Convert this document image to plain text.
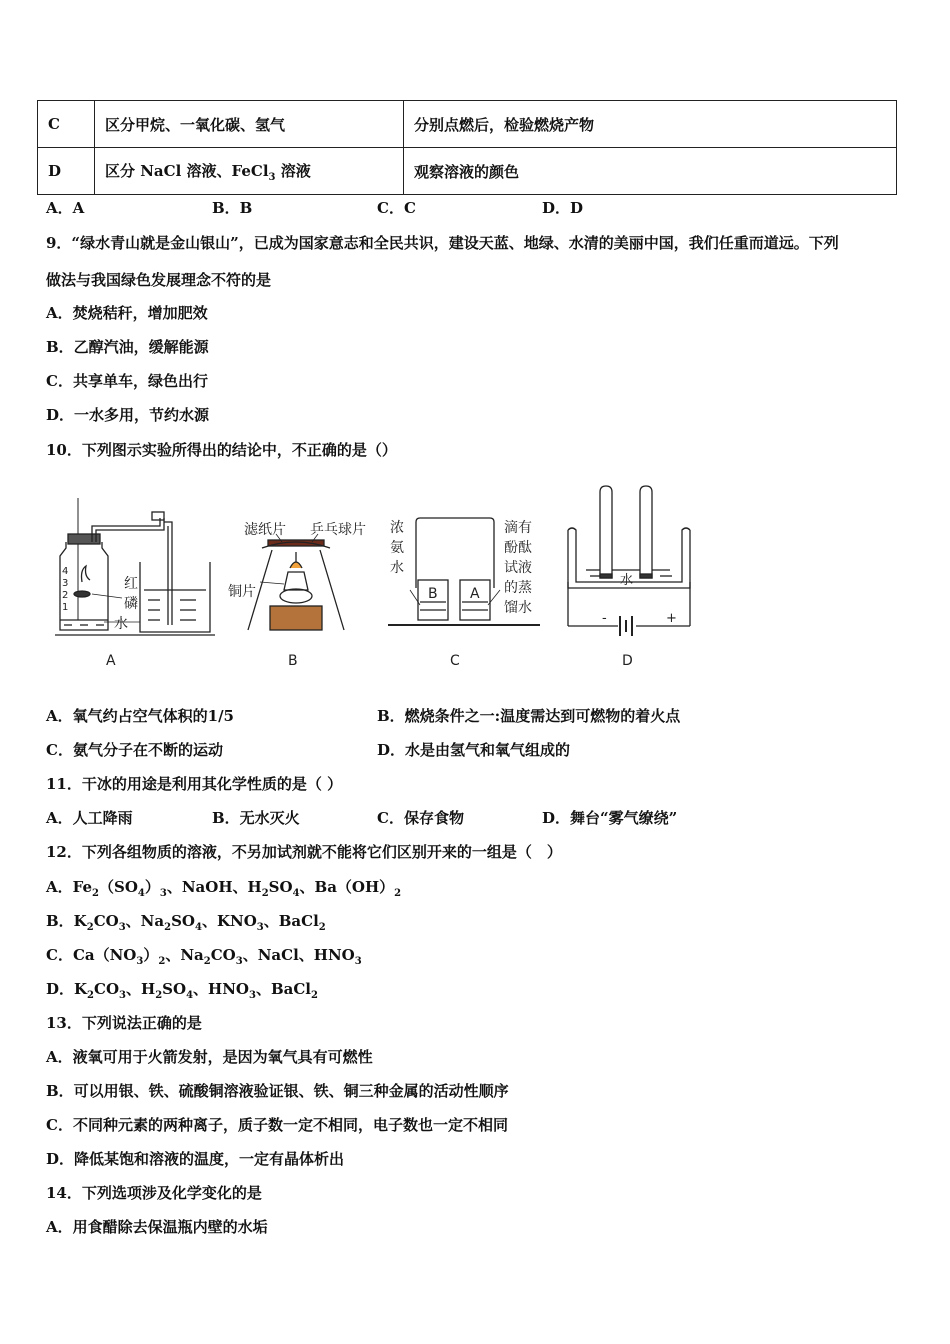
C	区分甲烷、一氧化碳、氢气	分别点燃后，检验燃烧产物
D	区分 NaCl 溶液、FeCl$_3$ 溶液	观察溶液的颜色
A．A	B．B	C．C	D．D
9．“绿水青山就是金山银山”，已成为国家意志和全民共识，建设天蓝、地绿、水清的美丽中国，我们任重而道远。下列
做法与我国绿色发展理念不符的是
A．焚烧秸秆，增加肥效
B．乙醇汽油，缓解能源
C．共享单车，绿色出行
D．一水多用，节约水源
10．下列图示实验所得出的结论中，不正确的是（）
A	B	C	D
4
3
2
1
红
磷
水
滤纸片 乒乓球片
铜片
浓
氨
水
滴有
酚酞
试液
的蒸
馏水
B A
水
-	+
A．氧气约占空气体积的1/5	B．燃烧条件之一:温度需达到可燃物的着火点
C．氨气分子在不断的运动	D．水是由氢气和氧气组成的
11．干冰的用途是利用其化学性质的是（ ）
A．人工降雨	B．无水灭火	C．保存食物	D．舞台“雾气缭绕”
12．下列各组物质的溶液，不另加试剂就不能将它们区别开来的一组是（　）
A．$Fe_2(SO_4)_3$、NaOH、$H_2SO_4$、$Ba(OH)_2$
B．$K_2CO_3$、$Na_2SO_4$、$KNO_3$、BaCl$_2$
C．$Ca(NO_3)_2$、$Na_2CO_3$、NaCl、$HNO_3$
D．$K_2CO_3$、$H_2SO_4$、$HNO_3$、BaCl$_2$
13．下列说法正确的是
A．液氧可用于火箭发射，是因为氧气具有可燃性
B．可以用银、铁、硫酸铜溶液验证银、铁、铜三种金属的活动性顺序
C．不同种元素的两种离子，质子数一定不相同，电子数也一定不相同
D．降低某饱和溶液的温度，一定有晶体析出
14．下列选项涉及化学变化的是
A．用食醋除去保温瓶内壁的水垢
